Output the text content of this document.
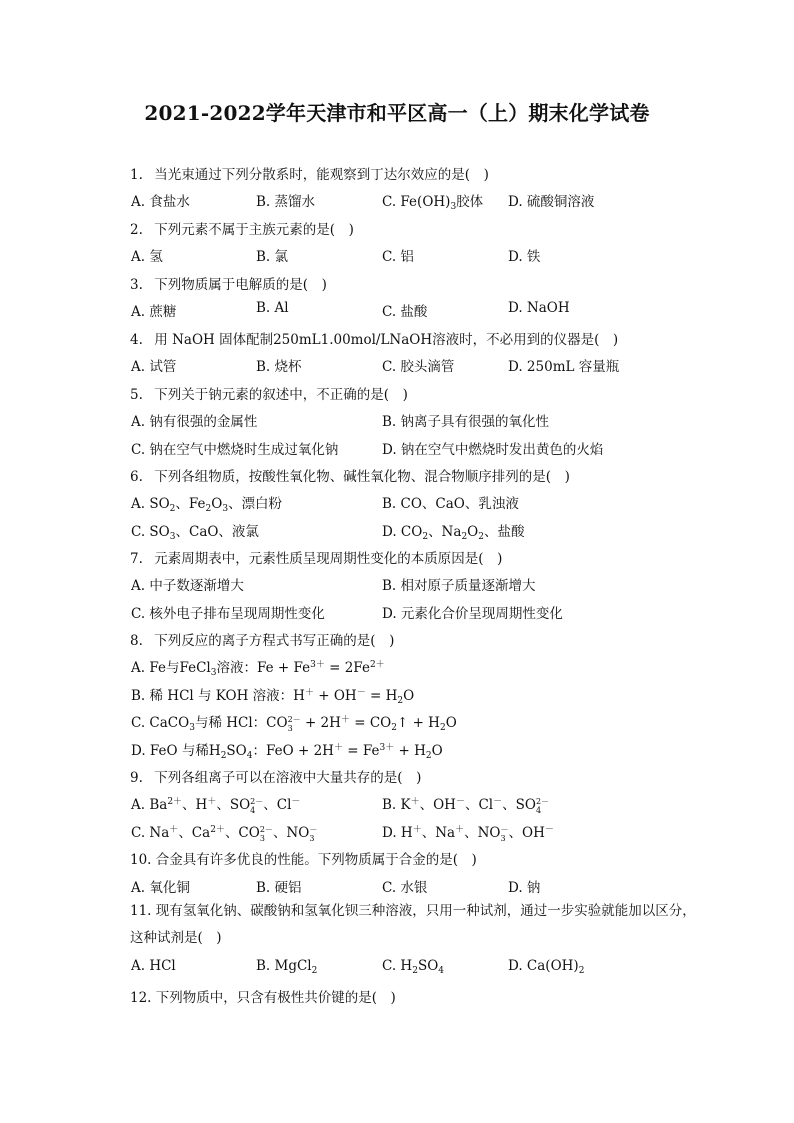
2021-2022学年天津市和平区高一（上）期末化学试卷
1. 当光束通过下列分散系时，能观察到丁达尔效应的是(　)
A. 食盐水	B. 蒸馏水	C. $Fe(OH)_3$胶体 D. 硫酸铜溶液
2. 下列元素不属于主族元素的是(　)
A. 氢	B. 氯	C. 铝	D. 铁
3. 下列物质属于电解质的是(　)
A. 蔗糖	B. Al	C. 盐酸	D. NaOH
4. 用 NaOH 固体配制250mL1.00mol/LNaOH溶液时，不必用到的仪器是(　)
A. 试管	B. 烧杯	C. 胶头滴管	D. 250mL 容量瓶
5. 下列关于钠元素的叙述中，不正确的是(　)
A. 钠有很强的金属性	B. 钠离子具有很强的氧化性
C. 钠在空气中燃烧时生成过氧化钠	D. 钠在空气中燃烧时发出黄色的火焰
6. 下列各组物质，按酸性氧化物、碱性氧化物、混合物顺序排列的是(　)
A. $SO_2$、$Fe_2O_3$、漂白粉	B. CO、CaO、乳浊液
C. $SO_3$、CaO、液氯	D. $CO_2$、$Na_2O_2$、盐酸
7. 元素周期表中，元素性质呈现周期性变化的本质原因是(　)
A. 中子数逐渐增大	B. 相对原子质量逐渐增大
C. 核外电子排布呈现周期性变化	D. 元素化合价呈现周期性变化
8. 下列反应的离子方程式书写正确的是(　)
A. Fe与FeCl$_3$溶液：$Fe + Fe^{3+} = 2Fe^{2+}$
B. 稀 HCl 与 KOH 溶液：$H^+ + OH^- = H_2O$
C. CaCO$_3$与稀 HCl：CO 2－
$3 + 2H^+ = CO_2↑ + H_2O$
D. FeO 与稀$H_2SO_4$：FeO + $2H^+ = Fe^{3+} + H_2O$
9. 下列各组离子可以在溶液中大量共存的是(　)
A. $Ba^{2+}$、H＋、SO 2－
4 、Cl－	B. K＋、OH－、Cl－、SO 2－
4
C. Na＋、$Ca^{2+}$、CO 2－
3 、NO －
3	D. H＋、Na＋、NO －
3 、OH－
10. 合金具有许多优良的性能。下列物质属于合金的是(　)
A. 氧化铜	B. 硬铝	C. 水银	D. 钠
11. 现有氢氧化钠、碳酸钠和氢氧化钡三种溶液，只用一种试剂，通过一步实验就能加以区分，这种试剂是(　)
A. HCl	B. MgCl$_2$	C. $H_2SO_4$	D. $Ca(OH)_2$
12. 下列物质中，只含有极性共价键的是(　)
